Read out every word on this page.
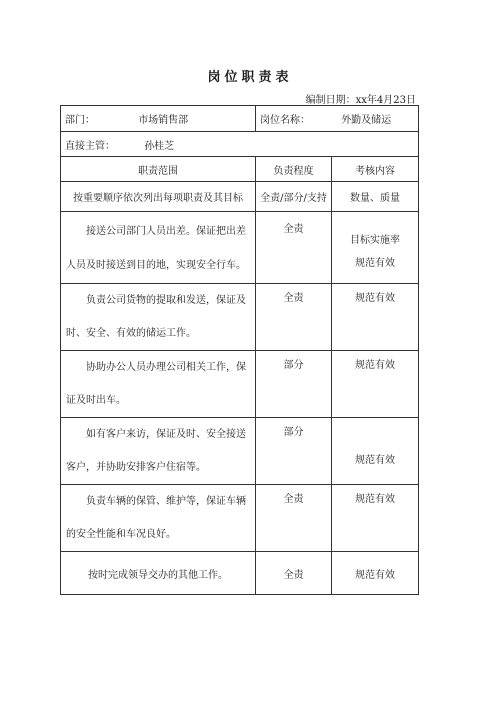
岗位职责表
编制日期：xx年4月23日
部门： 市场销售部	岗位名称： 外勤及储运	
直接主管： 孙桂芝		
职责范围	负责程度	考核内容
按重要顺序依次列出每项职责及其目标	全责/部分/支持	数量、质量

接送公司部门人员出差。保证把出差人员及时接送到目的地，实现安全行车。	全责	目标实施率
规范有效

负责公司货物的提取和发送，保证及时、安全、有效的储运工作。	全责	规范有效

协助办公人员办理公司相关工作，保证及时出车。	部分	规范有效

如有客户来访，保证及时、安全接送客户，并协助安排客户住宿等。	部分	规范有效

负责车辆的保管、维护等，保证车辆的安全性能和车况良好。	全责	规范有效

按时完成领导交办的其他工作。	全责	规范有效
